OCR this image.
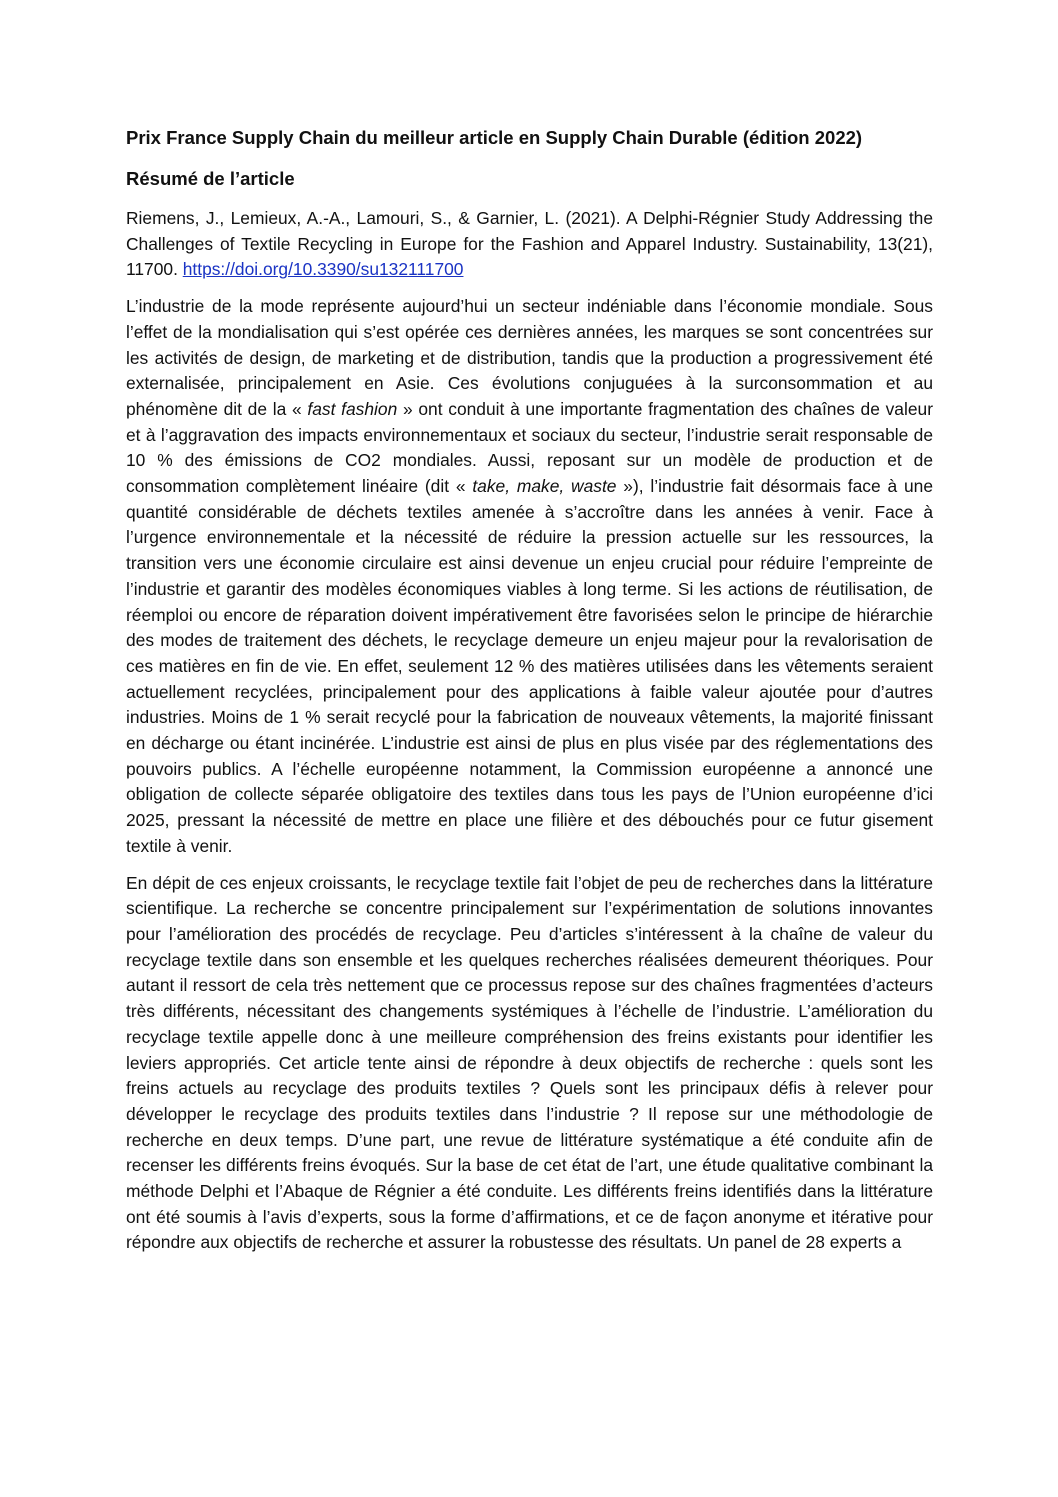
Prix France Supply Chain du meilleur article en Supply Chain Durable (édition 2022)
Résumé de l’article

Riemens, J., Lemieux, A.-A., Lamouri, S., & Garnier, L. (2021). A Delphi-Régnier Study Addressing the Challenges of Textile Recycling in Europe for the Fashion and Apparel Industry. Sustainability, 13(21), 11700. https://doi.org/10.3390/su132111700

L’industrie de la mode représente aujourd’hui un secteur indéniable dans l’économie mondiale. Sous l’effet de la mondialisation qui s’est opérée ces dernières années, les marques se sont concentrées sur les activités de design, de marketing et de distribution, tandis que la production a progressivement été externalisée, principalement en Asie. Ces évolutions conjuguées à la surconsommation et au phénomène dit de la « fast fashion » ont conduit à une importante fragmentation des chaînes de valeur et à l’aggravation des impacts environnementaux et sociaux du secteur, l’industrie serait responsable de 10 % des émissions de CO2 mondiales. Aussi, reposant sur un modèle de production et de consommation complètement linéaire (dit « take, make, waste »), l’industrie fait désormais face à une quantité considérable de déchets textiles amenée à s’accroître dans les années à venir. Face à l’urgence environnementale et la nécessité de réduire la pression actuelle sur les ressources, la transition vers une économie circulaire est ainsi devenue un enjeu crucial pour réduire l’empreinte de l’industrie et garantir des modèles économiques viables à long terme. Si les actions de réutilisation, de réemploi ou encore de réparation doivent impérativement être favorisées selon le principe de hiérarchie des modes de traitement des déchets, le recyclage demeure un enjeu majeur pour la revalorisation de ces matières en fin de vie. En effet, seulement 12 % des matières utilisées dans les vêtements seraient actuellement recyclées, principalement pour des applications à faible valeur ajoutée pour d’autres industries. Moins de 1 % serait recyclé pour la fabrication de nouveaux vêtements, la majorité finissant en décharge ou étant incinérée. L’industrie est ainsi de plus en plus visée par des réglementations des pouvoirs publics. A l’échelle européenne notamment, la Commission européenne a annoncé une obligation de collecte séparée obligatoire des textiles dans tous les pays de l’Union européenne d’ici 2025, pressant la nécessité de mettre en place une filière et des débouchés pour ce futur gisement textile à venir.

En dépit de ces enjeux croissants, le recyclage textile fait l’objet de peu de recherches dans la littérature scientifique. La recherche se concentre principalement sur l’expérimentation de solutions innovantes pour l’amélioration des procédés de recyclage. Peu d’articles s’intéressent à la chaîne de valeur du recyclage textile dans son ensemble et les quelques recherches réalisées demeurent théoriques. Pour autant il ressort de cela très nettement que ce processus repose sur des chaînes fragmentées d’acteurs très différents, nécessitant des changements systémiques à l’échelle de l’industrie. L’amélioration du recyclage textile appelle donc à une meilleure compréhension des freins existants pour identifier les leviers appropriés. Cet article tente ainsi de répondre à deux objectifs de recherche : quels sont les freins actuels au recyclage des produits textiles ? Quels sont les principaux défis à relever pour développer le recyclage des produits textiles dans l’industrie ? Il repose sur une méthodologie de recherche en deux temps. D’une part, une revue de littérature systématique a été conduite afin de recenser les différents freins évoqués. Sur la base de cet état de l’art, une étude qualitative combinant la méthode Delphi et l’Abaque de Régnier a été conduite. Les différents freins identifiés dans la littérature ont été soumis à l’avis d’experts, sous la forme d’affirmations, et ce de façon anonyme et itérative pour répondre aux objectifs de recherche et assurer la robustesse des résultats. Un panel de 28 experts a
